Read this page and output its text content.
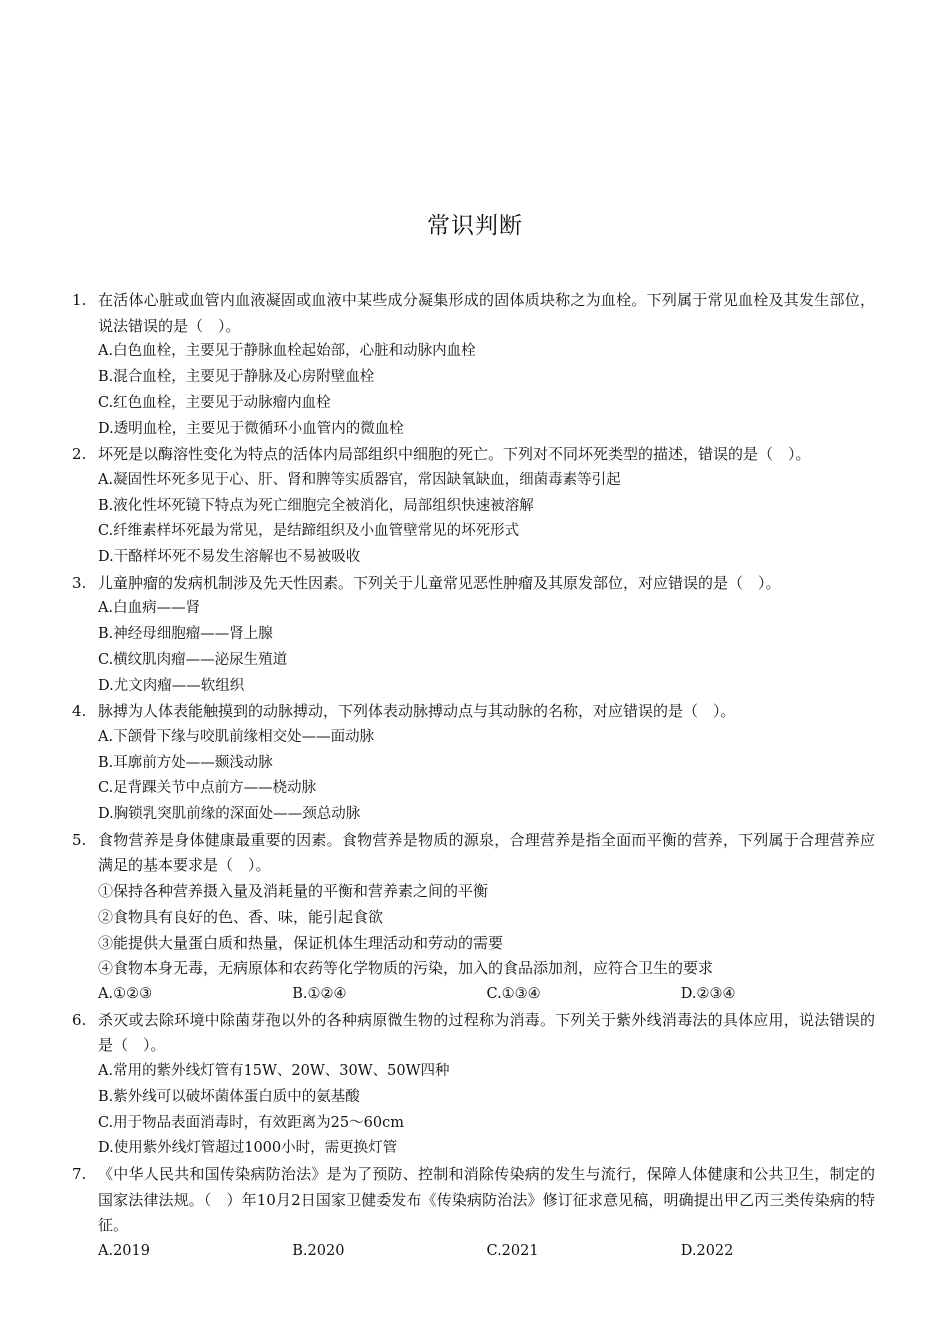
常识判断
1. 在活体心脏或血管内血液凝固或血液中某些成分凝集形成的固体质块称之为血栓。下列属于常见血栓及其发生部位，说法错误的是（　）。
A.白色血栓，主要见于静脉血栓起始部，心脏和动脉内血栓
B.混合血栓，主要见于静脉及心房附壁血栓
C.红色血栓，主要见于动脉瘤内血栓
D.透明血栓，主要见于微循环小血管内的微血栓
2. 坏死是以酶溶性变化为特点的活体内局部组织中细胞的死亡。下列对不同坏死类型的描述，错误的是（　）。
A.凝固性坏死多见于心、肝、肾和脾等实质器官，常因缺氧缺血，细菌毒素等引起
B.液化性坏死镜下特点为死亡细胞完全被消化，局部组织快速被溶解
C.纤维素样坏死最为常见，是结蹄组织及小血管壁常见的坏死形式
D.干酪样坏死不易发生溶解也不易被吸收
3. 儿童肿瘤的发病机制涉及先天性因素。下列关于儿童常见恶性肿瘤及其原发部位，对应错误的是（　）。
A.白血病——肾
B.神经母细胞瘤——肾上腺
C.横纹肌肉瘤——泌尿生殖道
D.尤文肉瘤——软组织
4. 脉搏为人体表能触摸到的动脉搏动，下列体表动脉搏动点与其动脉的名称，对应错误的是（　）。
A.下颌骨下缘与咬肌前缘相交处——面动脉
B.耳廓前方处——颞浅动脉
C.足背踝关节中点前方——桡动脉
D.胸锁乳突肌前缘的深面处——颈总动脉
5. 食物营养是身体健康最重要的因素。食物营养是物质的源泉，合理营养是指全面而平衡的营养，下列属于合理营养应满足的基本要求是（　）。
①保持各种营养摄入量及消耗量的平衡和营养素之间的平衡
②食物具有良好的色、香、味，能引起食欲
③能提供大量蛋白质和热量，保证机体生理活动和劳动的需要
④食物本身无毒，无病原体和农药等化学物质的污染，加入的食品添加剂，应符合卫生的要求
A.①②③	B.①②④	C.①③④	D.②③④
6. 杀灭或去除环境中除菌芽孢以外的各种病原微生物的过程称为消毒。下列关于紫外线消毒法的具体应用，说法错误的是（　）。
A.常用的紫外线灯管有15W、20W、30W、50W四种
B.紫外线可以破坏菌体蛋白质中的氨基酸
C.用于物品表面消毒时，有效距离为25～60cm
D.使用紫外线灯管超过1000小时，需更换灯管
7. 《中华人民共和国传染病防治法》是为了预防、控制和消除传染病的发生与流行，保障人体健康和公共卫生，制定的国家法律法规。（　）年10月2日国家卫健委发布《传染病防治法》修订征求意见稿，明确提出甲乙丙三类传染病的特征。
A.2019	B.2020	C.2021	D.2022
